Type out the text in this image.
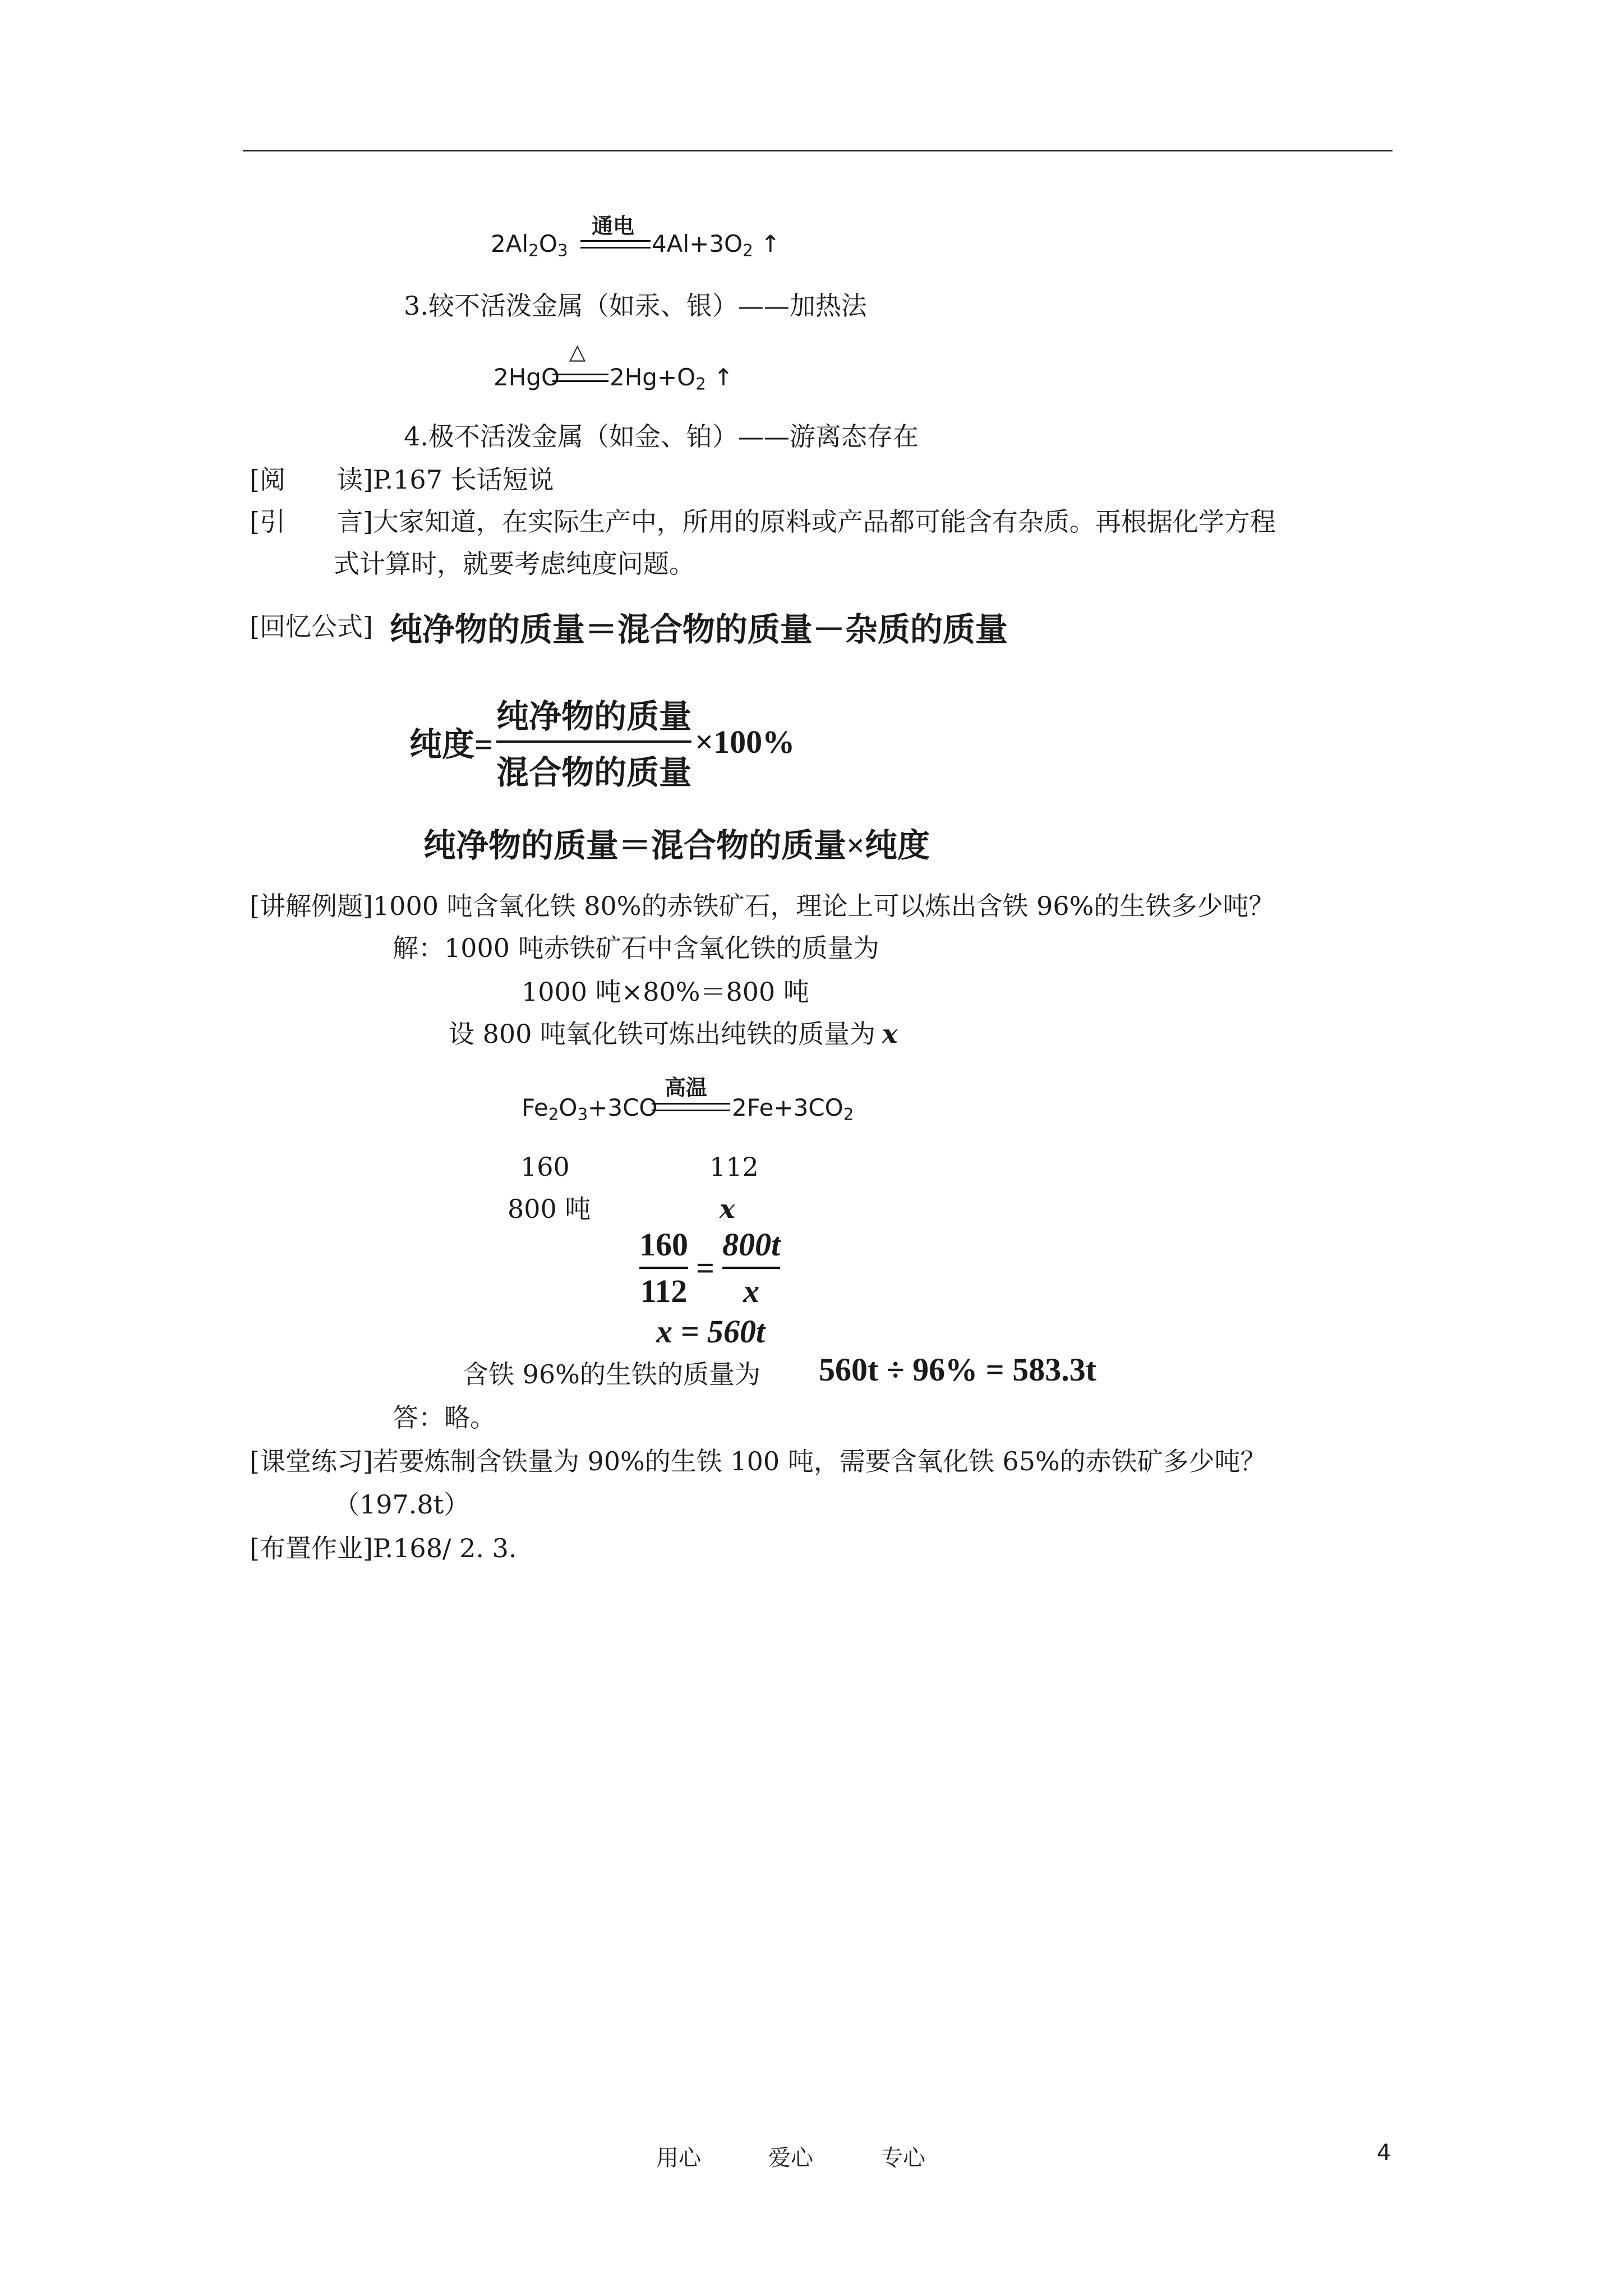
$2Al_2O_3$
通电
$4Al+3O_2$ ↑
3.较不活泼金属（如汞、银）——加热法
2HgO
△
$2Hg+O_2$ ↑
4.极不活泼金属（如金、铂）——游离态存在
[阅　　读]P.167 长话短说
[引　　言]大家知道，在实际生产中，所用的原料或产品都可能含有杂质。再根据化学方程
式计算时，就要考虑纯度问题。
[回忆公式] 纯净物的质量＝混合物的质量－杂质的质量
纯度=
纯净物的质量
混合物的质量
×100%
纯净物的质量＝混合物的质量×纯度
[讲解例题]1000 吨含氧化铁 80%的赤铁矿石，理论上可以炼出含铁 96%的生铁多少吨？
解：1000 吨赤铁矿石中含氧化铁的质量为
1000 吨×80%＝800 吨
设 800 吨氧化铁可炼出纯铁的质量为 x
$Fe_2O_3+3CO$
高温
$2Fe+3CO_2$
160	112
800 吨	x
160
112
=
800t
x
x = 560t
含铁 96%的生铁的质量为 560t ÷ 96% = 583.3t
答：略。
[课堂练习]若要炼制含铁量为 90%的生铁 100 吨，需要含氧化铁 65%的赤铁矿多少吨？
（197.8t）
[布置作业]P.168/ 2. 3.
用心	爱心	专心	4
